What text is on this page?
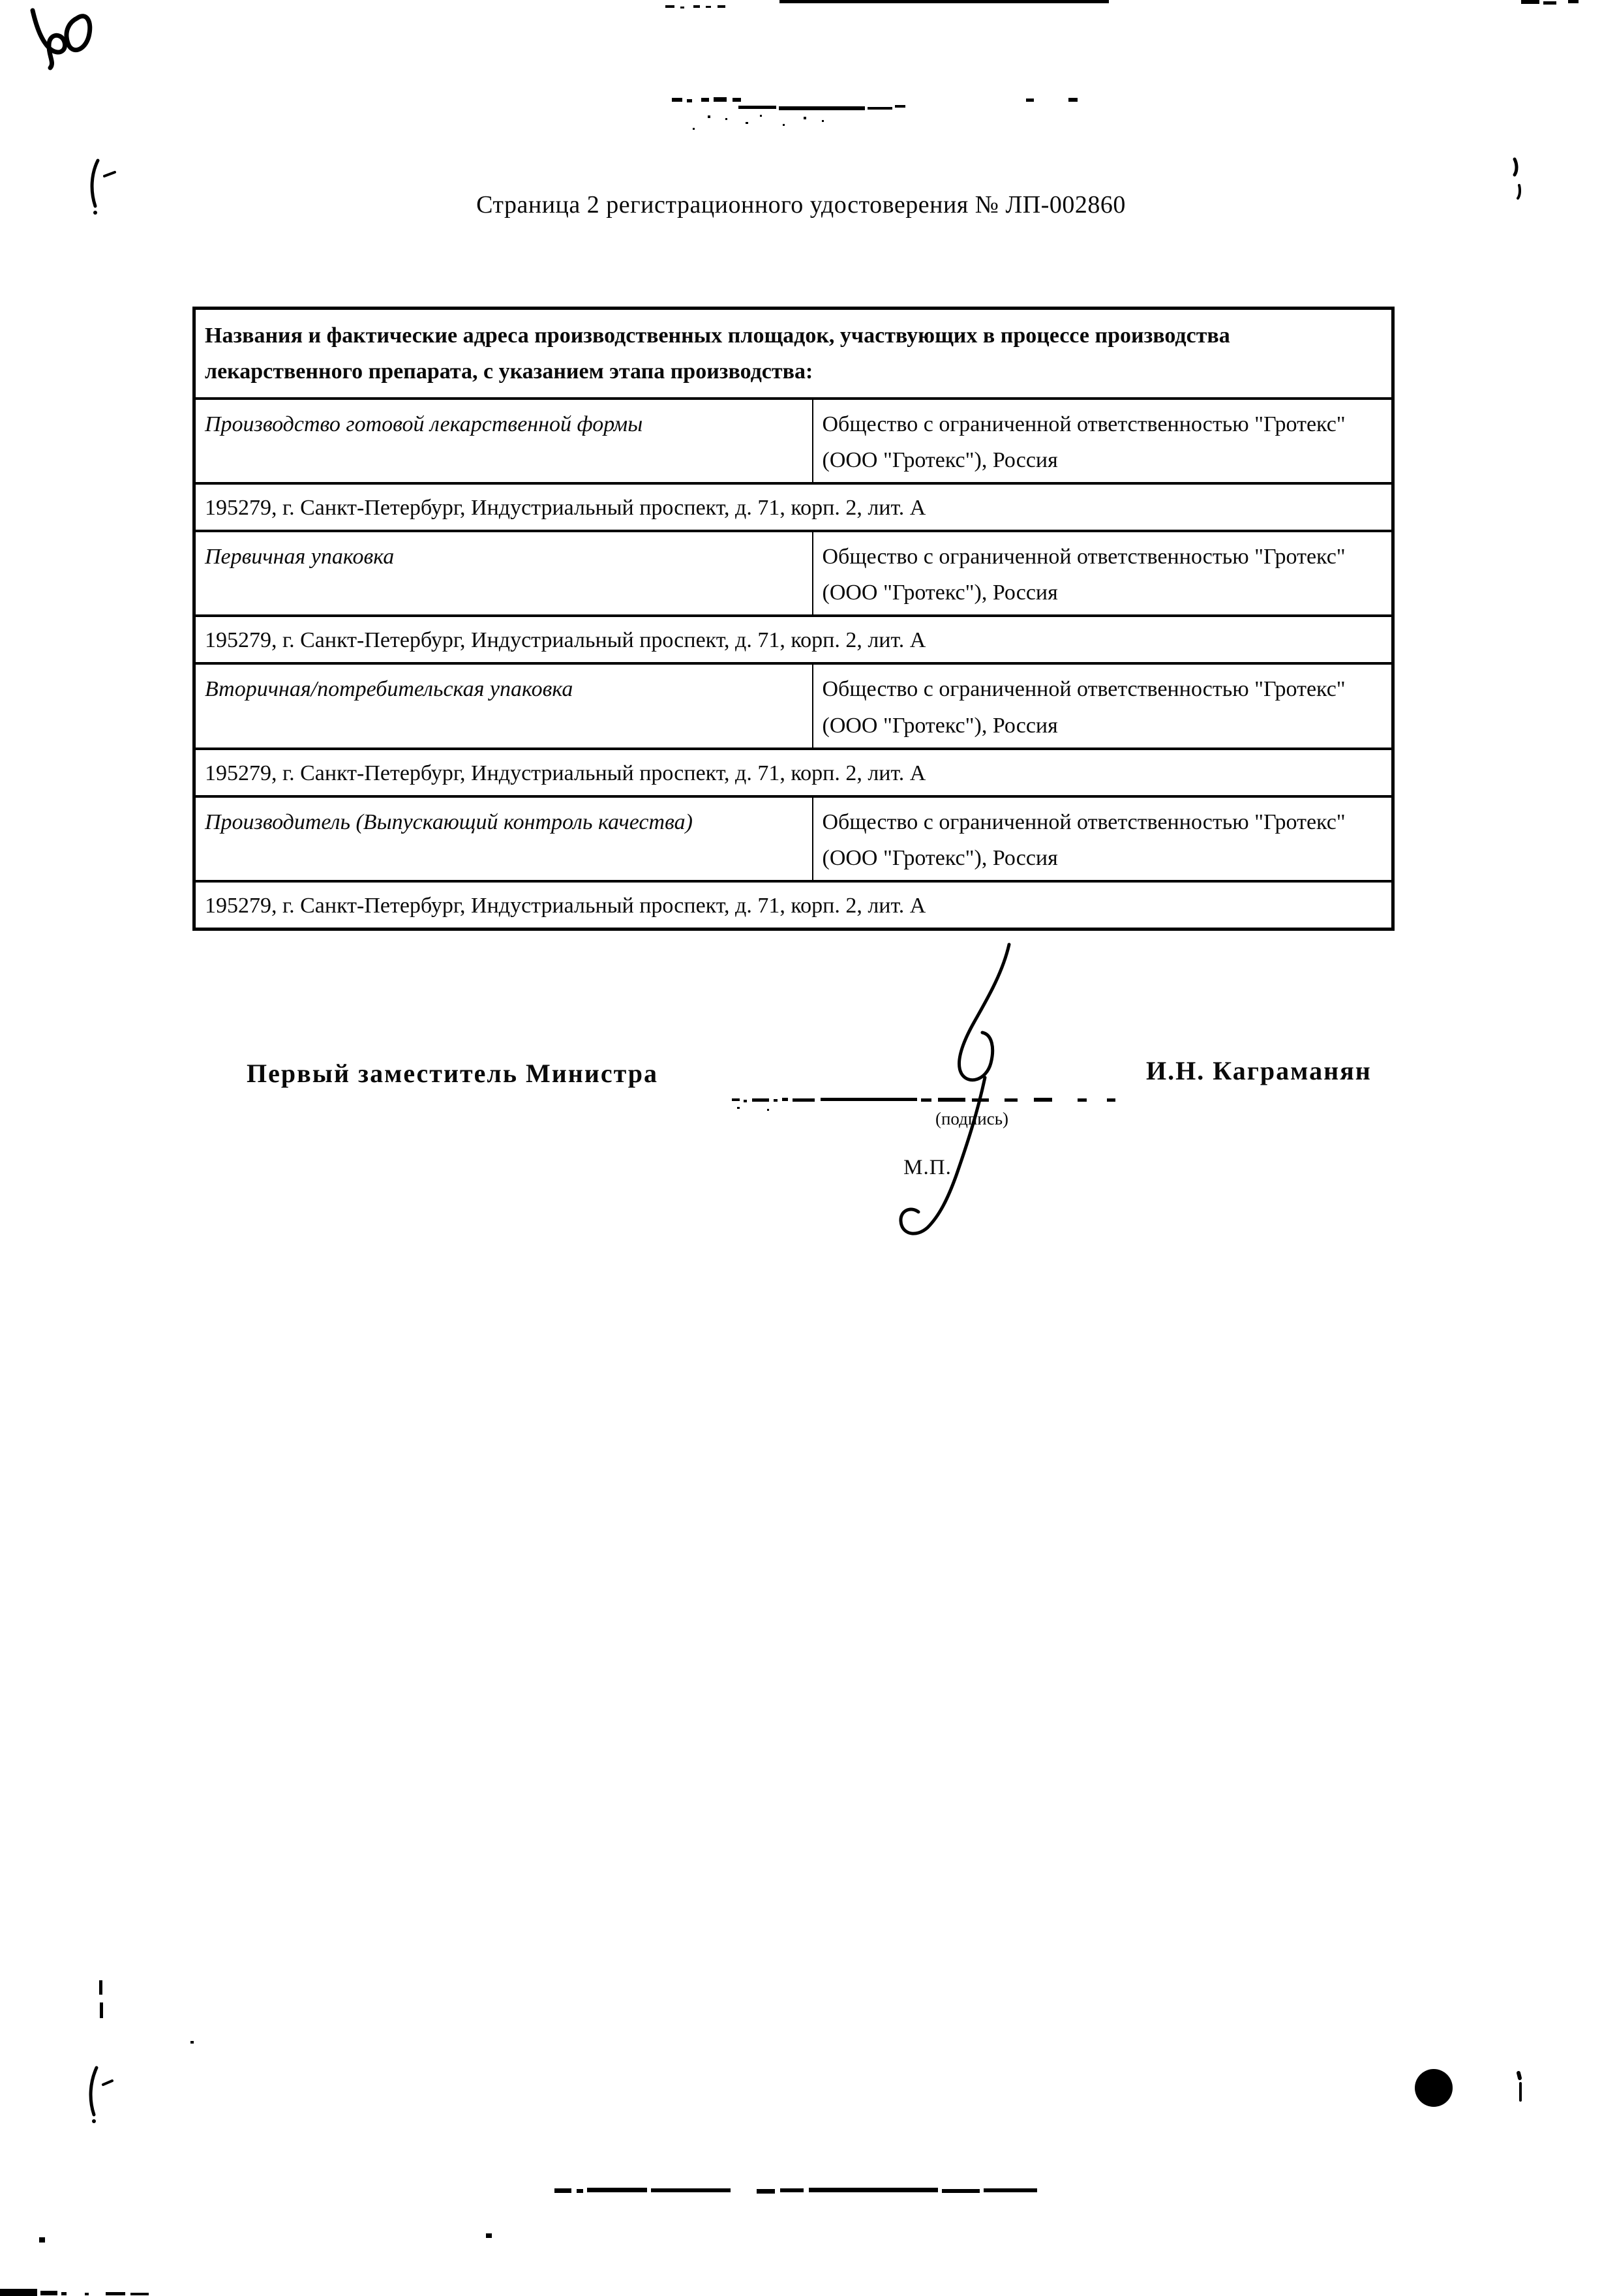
Страница 2 регистрационного удостоверения № ЛП-002860
Названия и фактические адреса производственных площадок, участвующих в процессе производства лекарственного препарата, с указанием этапа производства:	
Производство готовой лекарственной формы	Общество с ограниченной ответственностью "Гротекс" (ООО "Гротекс"), Россия
195279, г. Санкт-Петербург, Индустриальный проспект, д. 71, корп. 2, лит. А	
Первичная упаковка	Общество с ограниченной ответственностью "Гротекс" (ООО "Гротекс"), Россия
195279, г. Санкт-Петербург, Индустриальный проспект, д. 71, корп. 2, лит. А	
Вторичная/потребительская упаковка	Общество с ограниченной ответственностью "Гротекс" (ООО "Гротекс"), Россия
195279, г. Санкт-Петербург, Индустриальный проспект, д. 71, корп. 2, лит. А	
Производитель (Выпускающий контроль качества)	Общество с ограниченной ответственностью "Гротекс" (ООО "Гротекс"), Россия
195279, г. Санкт-Петербург, Индустриальный проспект, д. 71, корп. 2, лит. А	
Первый заместитель Министра	И.Н. Каграманян
(подпись)
М.П.
